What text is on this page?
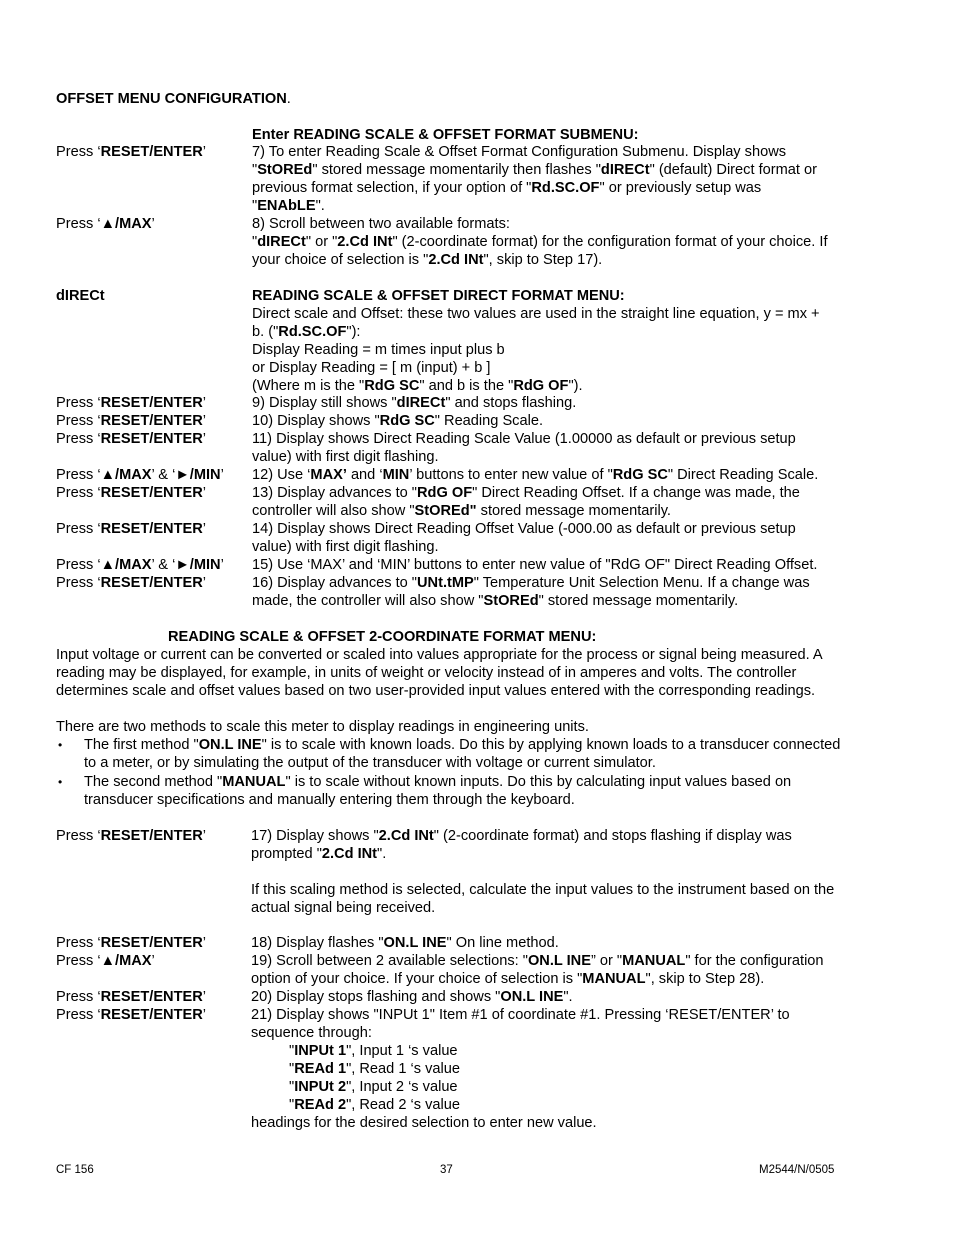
OFFSET MENU CONFIGURATION.
Enter READING SCALE & OFFSET FORMAT SUBMENU:
Press ‘RESET/ENTER’	7) To enter Reading Scale & Offset Format Configuration Submenu. Display shows
"StOREd" stored message momentarily then flashes "dIRECt" (default) Direct format or
previous format selection, if your option of "Rd.SC.OF" or previously setup was
"ENAbLE".
Press ‘▲/MAX’	8) Scroll between two available formats:
"dIRECt" or "2.Cd INt" (2-coordinate format) for the configuration format of your choice. If
your choice of selection is "2.Cd INt", skip to Step 17).
dIRECt	READING SCALE & OFFSET DIRECT FORMAT MENU:
Direct scale and Offset: these two values are used in the straight line equation, y = mx +
b. ("Rd.SC.OF"):
Display Reading = m times input plus b
or Display Reading = [ m (input) + b ]
(Where m is the "RdG SC" and b is the "RdG OF").
Press ‘RESET/ENTER’	9) Display still shows "dIRECt" and stops flashing.
Press ‘RESET/ENTER’	10) Display shows "RdG SC" Reading Scale.
Press ‘RESET/ENTER’	11) Display shows Direct Reading Scale Value (1.00000 as default or previous setup
value) with first digit flashing.
Press ‘▲/MAX’ & ‘►/MIN’ 12) Use ‘MAX’ and ‘MIN’ buttons to enter new value of "RdG SC" Direct Reading Scale.
Press ‘RESET/ENTER’	13) Display advances to "RdG OF" Direct Reading Offset. If a change was made, the
controller will also show "StOREd" stored message momentarily.
Press ‘RESET/ENTER’	14) Display shows Direct Reading Offset Value (-000.00 as default or previous setup
value) with first digit flashing.
Press ‘▲/MAX’ & ‘►/MIN’ 15) Use ‘MAX’ and ‘MIN’ buttons to enter new value of "RdG OF" Direct Reading Offset.
Press ‘RESET/ENTER’	16) Display advances to "UNt.tMP" Temperature Unit Selection Menu. If a change was
made, the controller will also show "StOREd" stored message momentarily.
READING SCALE & OFFSET 2-COORDINATE FORMAT MENU:
Input voltage or current can be converted or scaled into values appropriate for the process or signal being measured. A
reading may be displayed, for example, in units of weight or velocity instead of in amperes and volts. The controller
determines scale and offset values based on two user-provided input values entered with the corresponding readings.
There are two methods to scale this meter to display readings in engineering units.
• The first method "ON.L INE" is to scale with known loads. Do this by applying known loads to a transducer connected
to a meter, or by simulating the output of the transducer with voltage or current simulator.
• The second method "MANUAL" is to scale without known inputs. Do this by calculating input values based on
transducer specifications and manually entering them through the keyboard.
Press ‘RESET/ENTER’	17) Display shows "2.Cd INt" (2-coordinate format) and stops flashing if display was
prompted "2.Cd INt".
If this scaling method is selected, calculate the input values to the instrument based on the
actual signal being received.
Press ‘RESET/ENTER’	18) Display flashes "ON.L INE" On line method.
Press ‘▲/MAX’	19) Scroll between 2 available selections: "ON.L INE” or "MANUAL" for the configuration
option of your choice. If your choice of selection is "MANUAL", skip to Step 28).
Press ‘RESET/ENTER’	20) Display stops flashing and shows "ON.L INE".
Press ‘RESET/ENTER’	21) Display shows "INPUt 1" Item #1 of coordinate #1. Pressing ‘RESET/ENTER’ to
sequence through:
"INPUt 1", Input 1 ‘s value
"REAd 1", Read 1 ‘s value
"INPUt 2", Input 2 ‘s value
"REAd 2", Read 2 ‘s value
headings for the desired selection to enter new value.
CF 156	37	M2544/N/0505
